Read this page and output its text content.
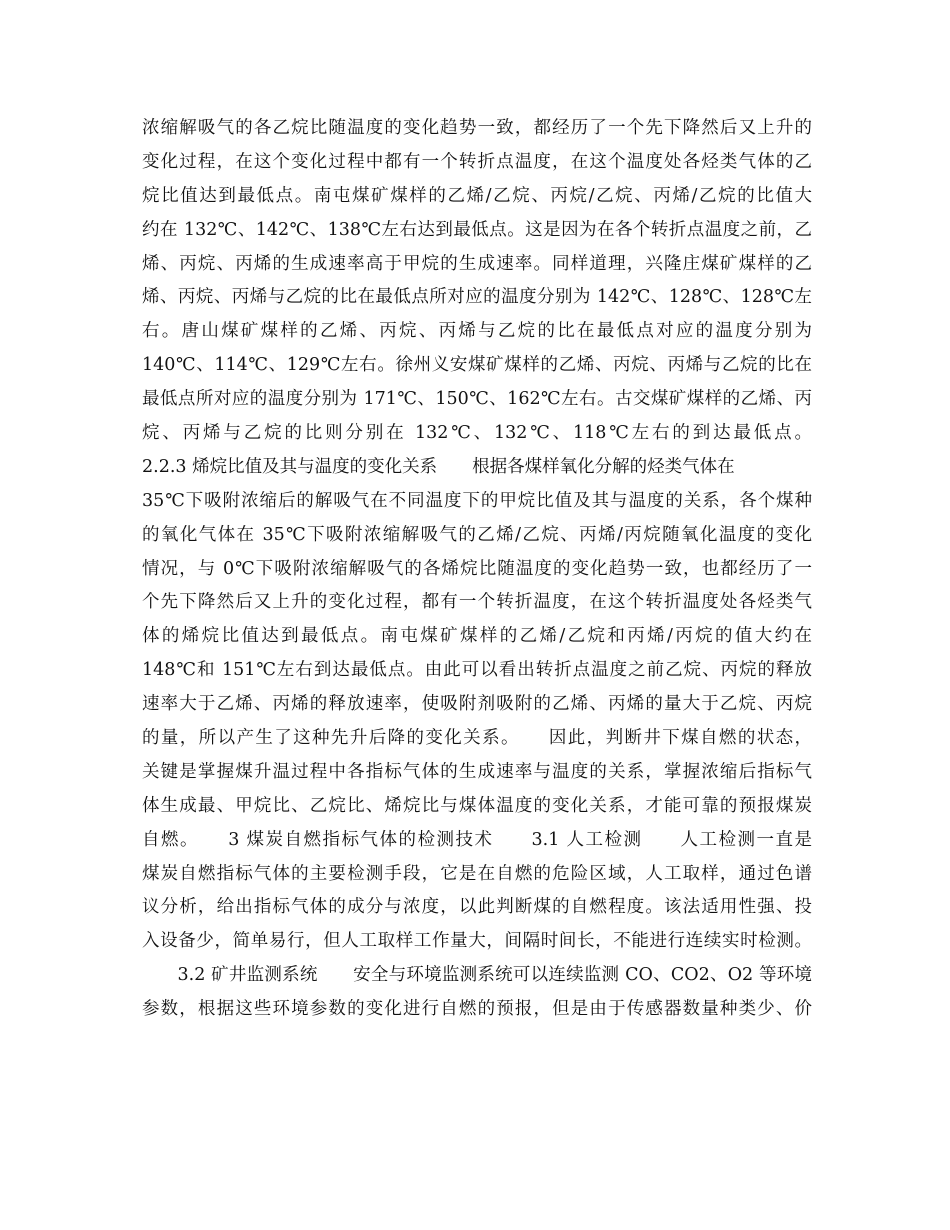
浓缩解吸气的各乙烷比随温度的变化趋势一致，都经历了一个先下降然后又上升的
变化过程，在这个变化过程中都有一个转折点温度，在这个温度处各烃类气体的乙
烷比值达到最低点。南屯煤矿煤样的乙烯/乙烷、丙烷/乙烷、丙烯/乙烷的比值大
约在 132℃、142℃、138℃左右达到最低点。这是因为在各个转折点温度之前，乙
烯、丙烷、丙烯的生成速率高于甲烷的生成速率。同样道理，兴隆庄煤矿煤样的乙
烯、丙烷、丙烯与乙烷的比在最低点所对应的温度分别为 142℃、128℃、128℃左
右。唐山煤矿煤样的乙烯、丙烷、丙烯与乙烷的比在最低点对应的温度分别为
140℃、114℃、129℃左右。徐州义安煤矿煤样的乙烯、丙烷、丙烯与乙烷的比在
最低点所对应的温度分别为 171℃、150℃、162℃左右。古交煤矿煤样的乙烯、丙
烷、丙烯与乙烷的比则分别在 132℃、132℃、118℃左右的到达最低点。
2.2.3 烯烷比值及其与温度的变化关系　　根据各煤样氧化分解的烃类气体在
35℃下吸附浓缩后的解吸气在不同温度下的甲烷比值及其与温度的关系，各个煤种
的氧化气体在 35℃下吸附浓缩解吸气的乙烯/乙烷、丙烯/丙烷随氧化温度的变化
情况，与 0℃下吸附浓缩解吸气的各烯烷比随温度的变化趋势一致，也都经历了一
个先下降然后又上升的变化过程，都有一个转折温度，在这个转折温度处各烃类气
体的烯烷比值达到最低点。南屯煤矿煤样的乙烯/乙烷和丙烯/丙烷的值大约在
148℃和 151℃左右到达最低点。由此可以看出转折点温度之前乙烷、丙烷的释放
速率大于乙烯、丙烯的释放速率，使吸附剂吸附的乙烯、丙烯的量大于乙烷、丙烷
的量，所以产生了这种先升后降的变化关系。　　因此，判断井下煤自燃的状态，
关键是掌握煤升温过程中各指标气体的生成速率与温度的关系，掌握浓缩后指标气
体生成最、甲烷比、乙烷比、烯烷比与煤体温度的变化关系，才能可靠的预报煤炭
自燃。　　3 煤炭自燃指标气体的检测技术　　3.1 人工检测　　人工检测一直是
煤炭自燃指标气体的主要检测手段，它是在自燃的危险区域，人工取样，通过色谱
议分析，给出指标气体的成分与浓度，以此判断煤的自燃程度。该法适用性强、投
入设备少，简单易行，但人工取样工作量大，间隔时间长，不能进行连续实时检测。
　　3.2 矿井监测系统　　安全与环境监测系统可以连续监测 CO、CO2、O2 等环境
参数，根据这些环境参数的变化进行自燃的预报，但是由于传感器数量种类少、价
